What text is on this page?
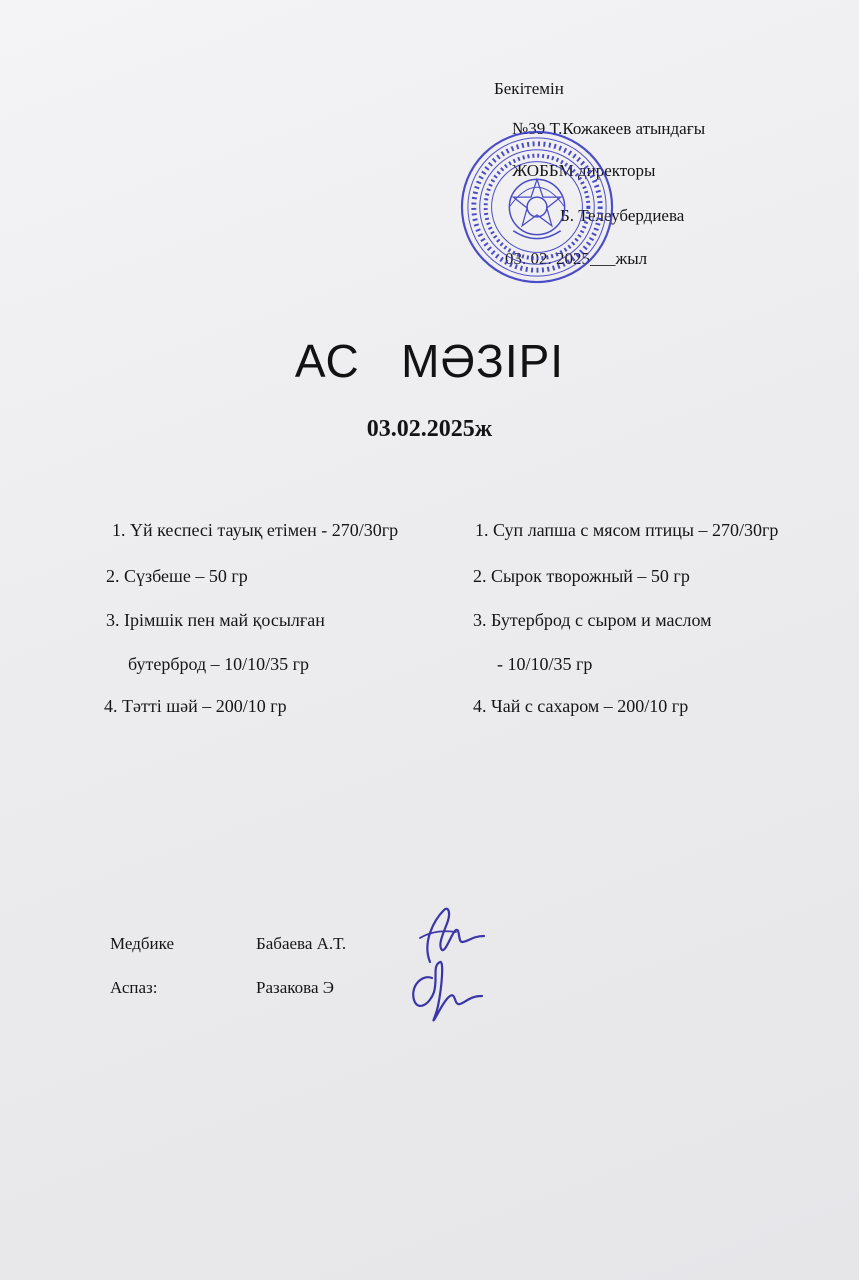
Бекітемін
№39 Т.Кожакеев атындағы
ЖОББМ директоры
Б. Телеубердиева
03. 02. 2025___жыл
АС   МӘЗІРІ
03.02.2025ж
1. Үй кеспесі тауық етімен - 270/30гр
2. Сүзбеше – 50 гр
3. Ірімшік пен май қосылған
бутерброд – 10/10/35 гр
4. Тәтті шәй – 200/10 гр
1. Суп лапша с мясом птицы – 270/30гр
2. Сырок творожный – 50 гр
3. Бутерброд с сыром и маслом
- 10/10/35 гр
4. Чай с сахаром – 200/10 гр
Медбике	Бабаева А.Т.
Аспаз:	Разакова Э
